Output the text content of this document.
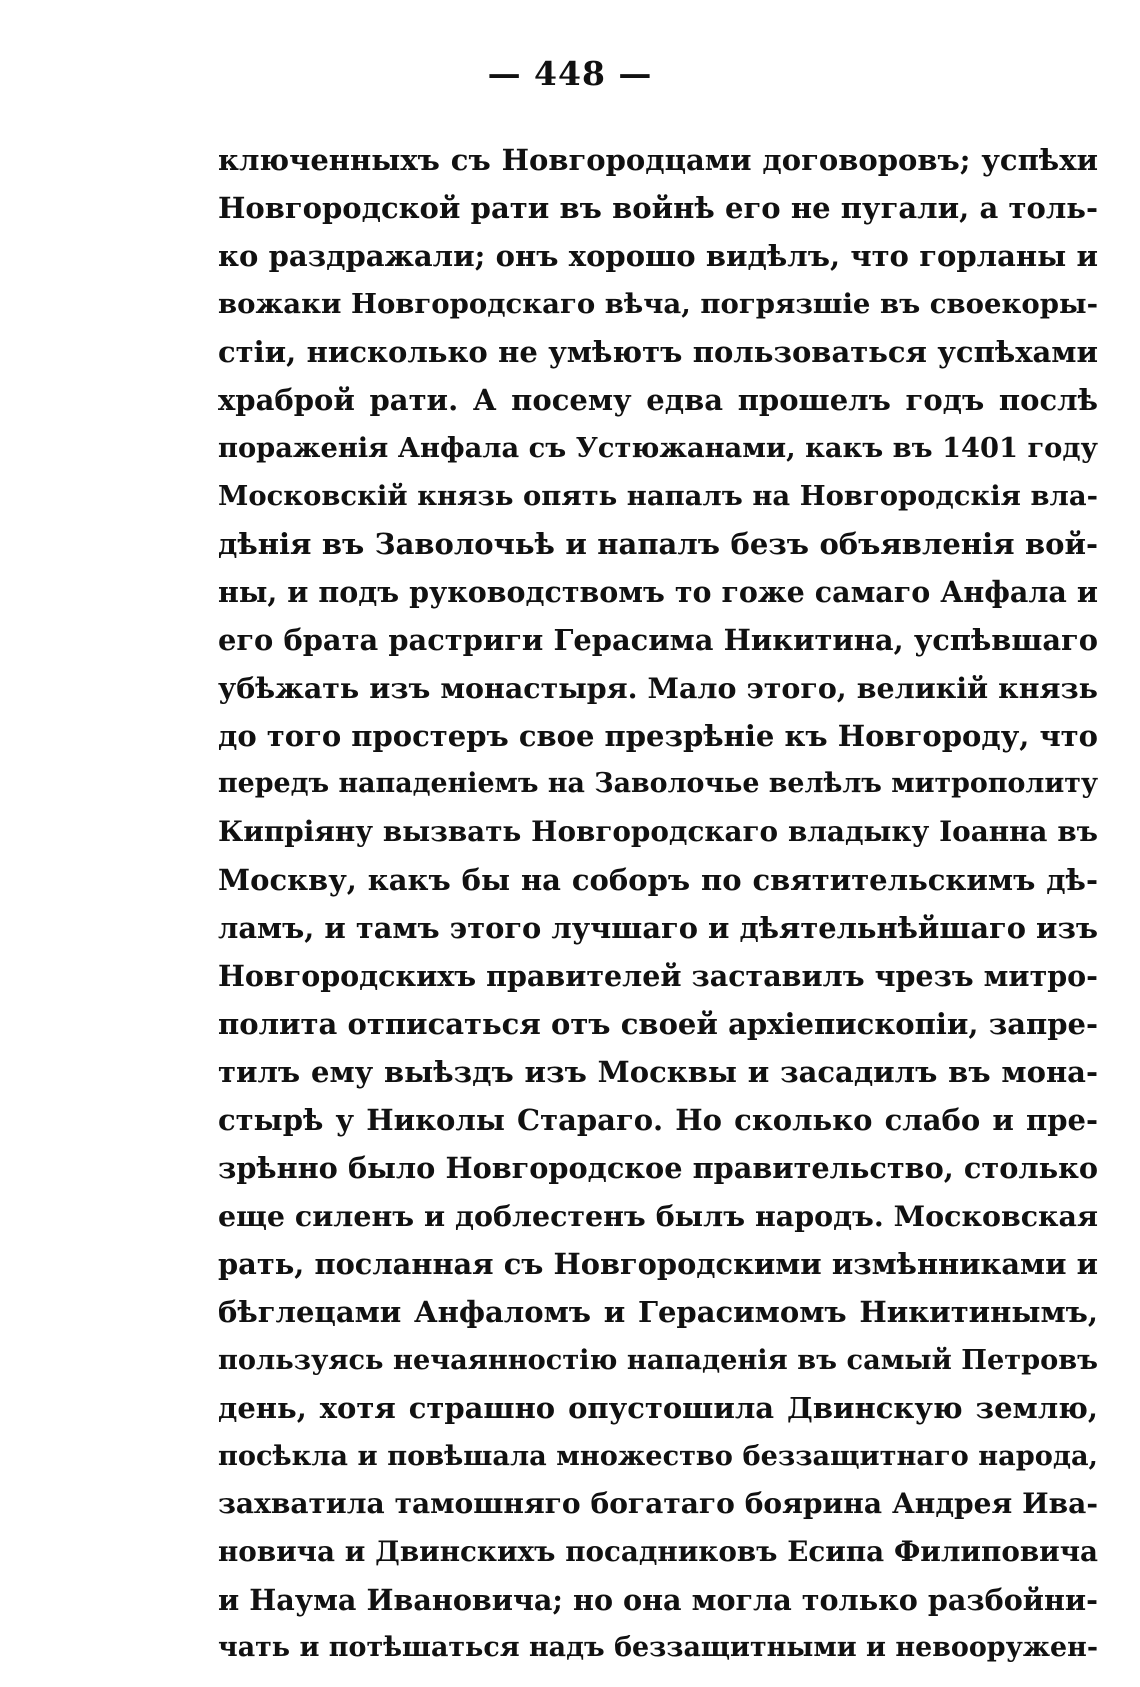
— 448 —
ключенныхъ съ Новгородцами договоровъ; успѣхи
Новгородской рати въ войнѣ его не пугали, а толь-
ко раздражали; онъ хорошо видѣлъ, что горланы и
вожаки Новгородскаго вѣча, погрязшіе въ своекоры-
стіи, нисколько не умѣютъ пользоваться успѣхами
храброй рати. А посему едва прошелъ годъ послѣ
пораженія Анфала съ Устюжанами, какъ въ 1401 году
Московскій князь опять напалъ на Новгородскія вла-
дѣнія въ Заволочьѣ и напалъ безъ объявленія вой-
ны, и подъ руководствомъ то гоже самаго Анфала и
его брата растриги Герасима Никитина, успѣвшаго
убѣжать изъ монастыря. Мало этого, великій князь
до того простеръ свое презрѣніе къ Новгороду, что
передъ нападеніемъ на Заволочье велѣлъ митрополиту
Кипріяну вызвать Новгородскаго владыку Іоанна въ
Москву, какъ бы на соборъ по святительскимъ дѣ-
ламъ, и тамъ этого лучшаго и дѣятельнѣйшаго изъ
Новгородскихъ правителей заставилъ чрезъ митро-
полита отписаться отъ своей архіепископіи, запре-
тилъ ему выѣздъ изъ Москвы и засадилъ въ мона-
стырѣ у Николы Стараго. Но сколько слабо и пре-
зрѣнно было Новгородское правительство, столько
еще силенъ и доблестенъ былъ народъ. Московская
рать, посланная съ Новгородскими измѣнниками и
бѣглецами Анфаломъ и Герасимомъ Никитинымъ,
пользуясь нечаянностію нападенія въ самый Петровъ
день, хотя страшно опустошила Двинскую землю,
посѣкла и повѣшала множество беззащитнаго народа,
захватила тамошняго богатаго боярина Андрея Ива-
новича и Двинскихъ посадниковъ Есипа Филиповича
и Наума Ивановича; но она могла только разбойни-
чать и потѣшаться надъ беззащитными и невооружен-
